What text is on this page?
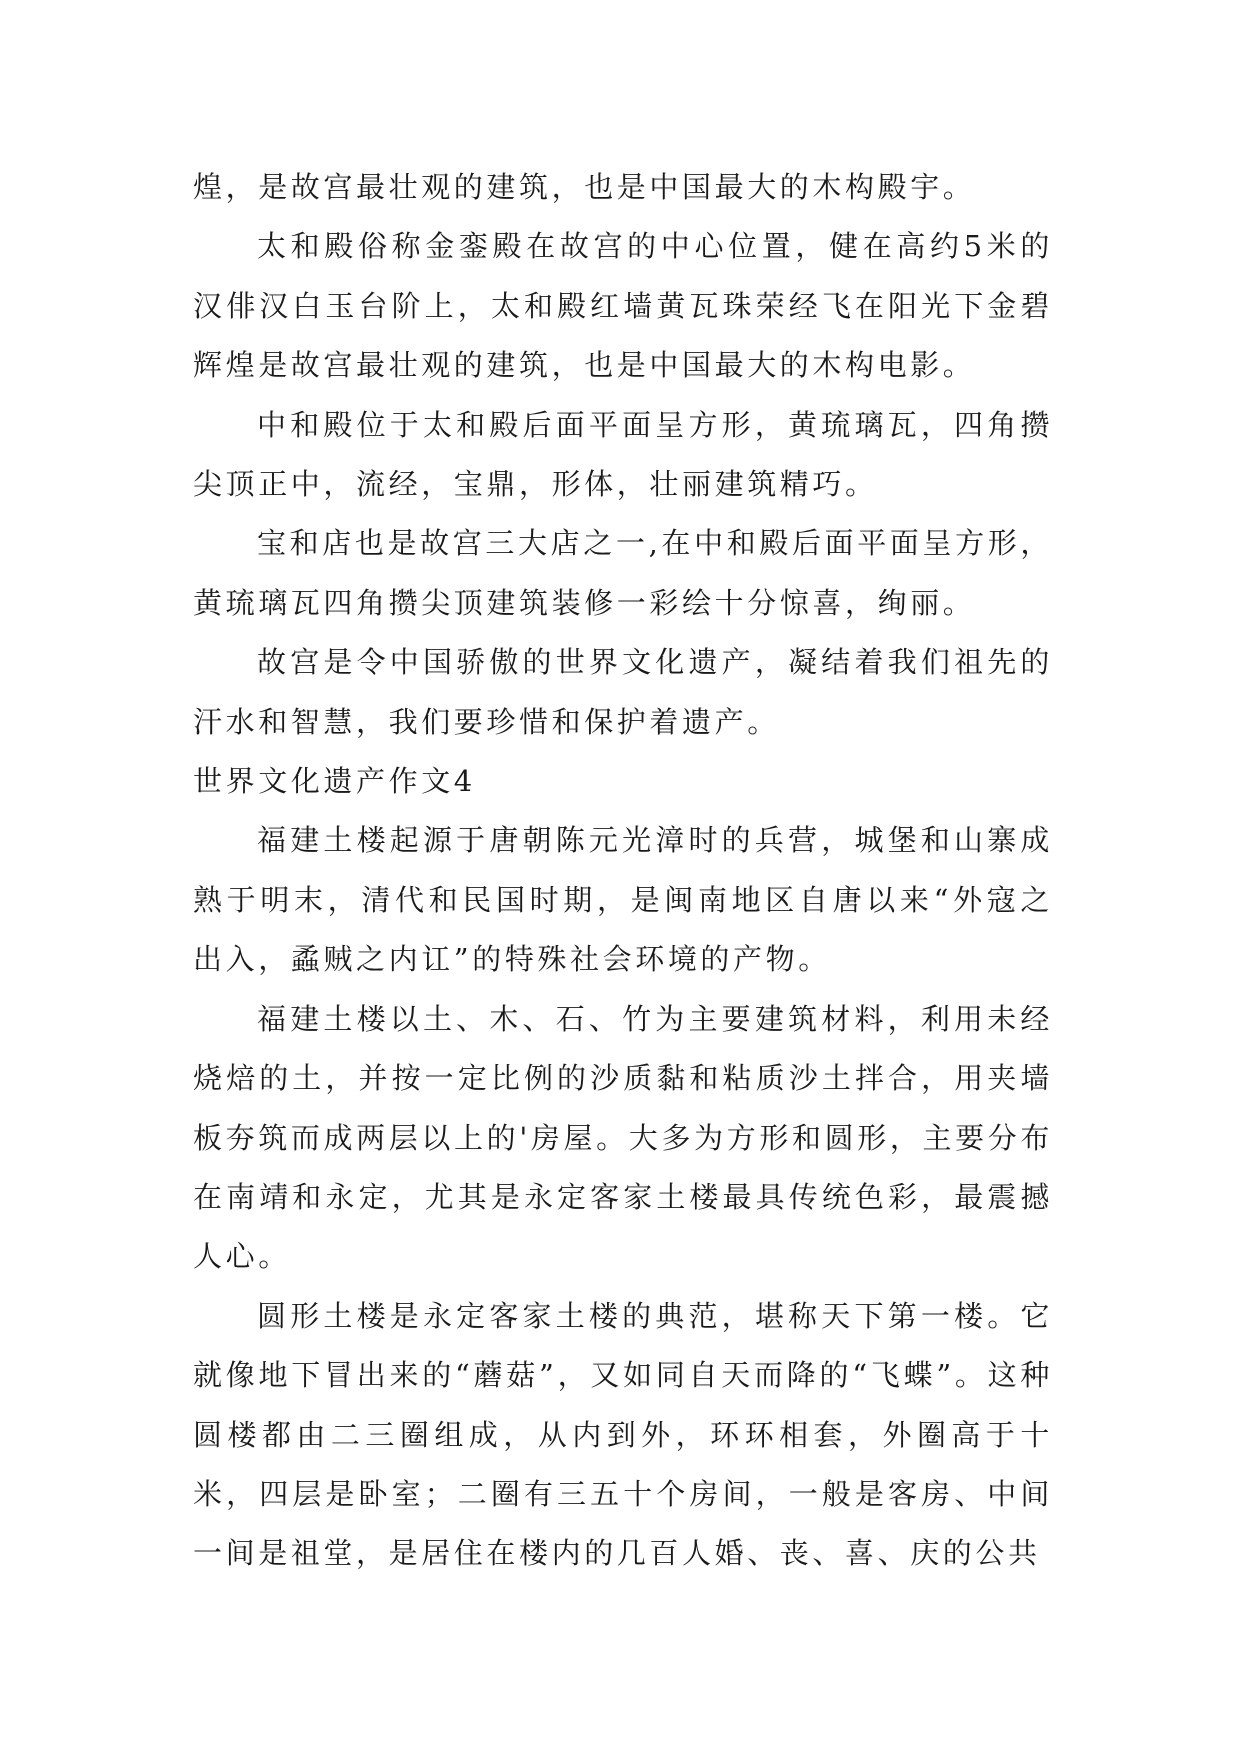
煌，是故宫最壮观的建筑，也是中国最大的木构殿宇。

太和殿俗称金銮殿在故宫的中心位置，健在高约5米的汉俳汉白玉台阶上，太和殿红墙黄瓦珠荣经飞在阳光下金碧辉煌是故宫最壮观的建筑，也是中国最大的木构电影。

中和殿位于太和殿后面平面呈方形，黄琉璃瓦，四角攒尖顶正中，流经，宝鼎，形体，壮丽建筑精巧。

宝和店也是故宫三大店之一,在中和殿后面平面呈方形，黄琉璃瓦四角攒尖顶建筑装修一彩绘十分惊喜，绚丽。

故宫是令中国骄傲的世界文化遗产，凝结着我们祖先的汗水和智慧，我们要珍惜和保护着遗产。

世界文化遗产作文4

福建土楼起源于唐朝陈元光漳时的兵营，城堡和山寨成熟于明末，清代和民国时期，是闽南地区自唐以来“外寇之出入，蟊贼之内讧”的特殊社会环境的产物。

福建土楼以土、木、石、竹为主要建筑材料，利用未经烧焙的土，并按一定比例的沙质黏和粘质沙土拌合，用夹墙板夯筑而成两层以上的'房屋。大多为方形和圆形，主要分布在南靖和永定，尤其是永定客家土楼最具传统色彩，最震撼人心。

圆形土楼是永定客家土楼的典范，堪称天下第一楼。它就像地下冒出来的“蘑菇”，又如同自天而降的“飞蝶”。这种圆楼都由二三圈组成，从内到外，环环相套，外圈高于十米，四层是卧室；二圈有三五十个房间，一般是客房、中间一间是祖堂，是居住在楼内的几百人婚、丧、喜、庆的公共
